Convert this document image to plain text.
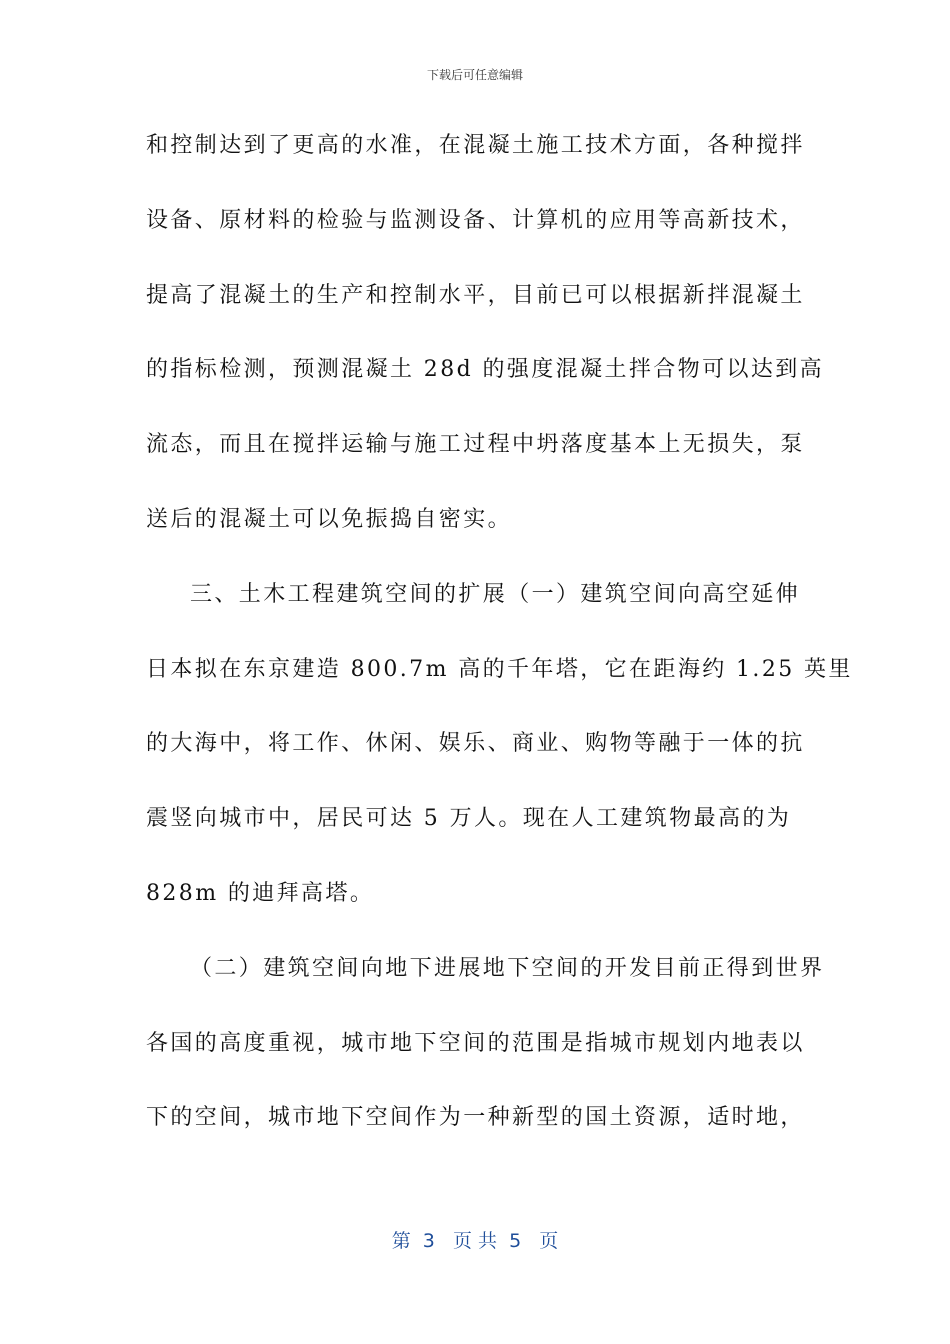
下载后可任意编辑
和控制达到了更高的水准，在混凝土施工技术方面，各种搅拌
设备、原材料的检验与监测设备、计算机的应用等高新技术，
提高了混凝土的生产和控制水平，目前已可以根据新拌混凝土
的指标检测，预测混凝土 28d 的强度混凝土拌合物可以达到高
流态，而且在搅拌运输与施工过程中坍落度基本上无损失，泵
送后的混凝土可以免振捣自密实。
三、土木工程建筑空间的扩展（一）建筑空间向高空延伸
日本拟在东京建造 800.7m 高的千年塔，它在距海约 1.25 英里
的大海中，将工作、休闲、娱乐、商业、购物等融于一体的抗
震竖向城市中，居民可达 5 万人。现在人工建筑物最高的为
828m 的迪拜高塔。
（二）建筑空间向地下进展地下空间的开发目前正得到世界
各国的高度重视，城市地下空间的范围是指城市规划内地表以
下的空间，城市地下空间作为一种新型的国土资源，适时地，
第  3   页 共  5   页
